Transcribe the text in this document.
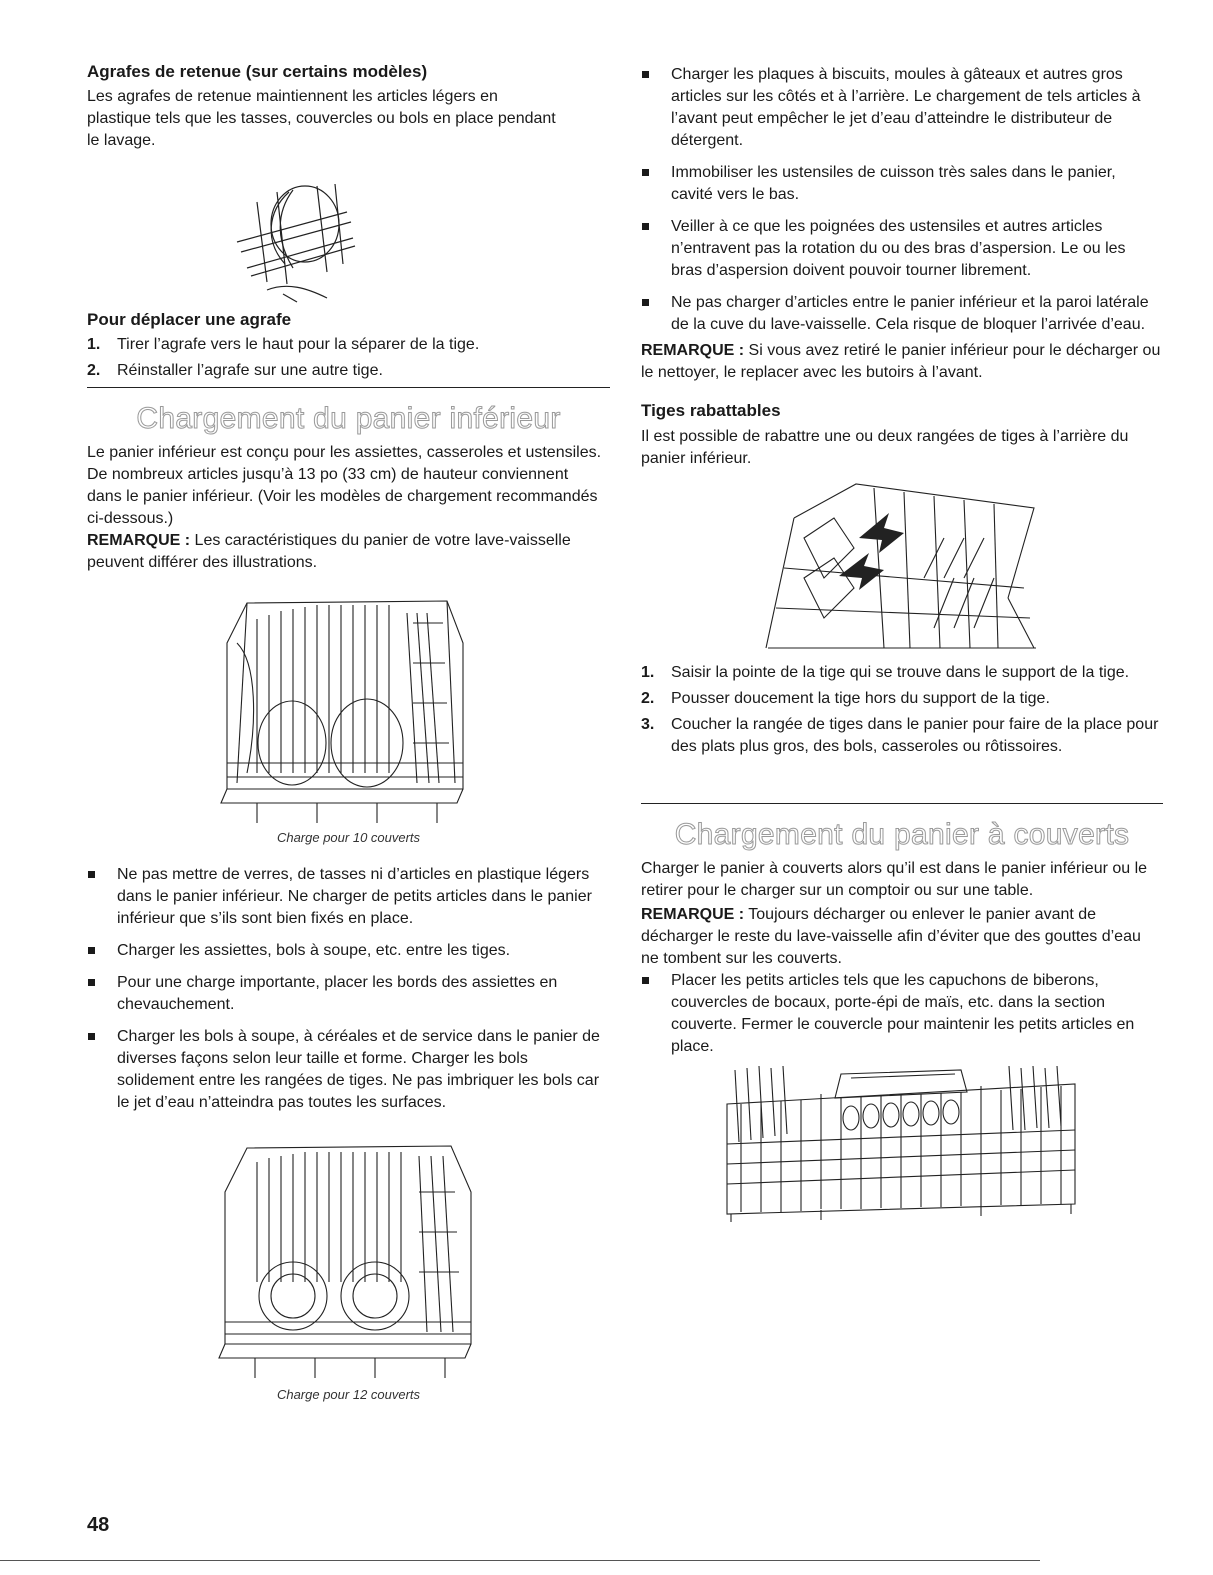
Agrafes de retenue (sur certains modèles)

Les agrafes de retenue maintiennent les articles légers en plastique tels que les tasses, couvercles ou bols en place pendant le lavage.

Pour déplacer une agrafe
1. Tirer l’agrafe vers le haut pour la séparer de la tige.
2. Réinstaller l’agrafe sur une autre tige.
Chargement du panier inférieur

Le panier inférieur est conçu pour les assiettes, casseroles et ustensiles. De nombreux articles jusqu’à 13 po (33 cm) de hauteur conviennent dans le panier inférieur. (Voir les modèles de chargement recommandés ci-dessous.)

REMARQUE : Les caractéristiques du panier de votre lave-vaisselle peuvent différer des illustrations.

Charge pour 10 couverts
Ne pas mettre de verres, de tasses ni d’articles en plastique légers dans le panier inférieur. Ne charger de petits articles dans le panier inférieur que s’ils sont bien fixés en place.
Charger les assiettes, bols à soupe, etc. entre les tiges.
Pour une charge importante, placer les bords des assiettes en chevauchement.
Charger les bols à soupe, à céréales et de service dans le panier de diverses façons selon leur taille et forme. Charger les bols solidement entre les rangées de tiges. Ne pas imbriquer les bols car le jet d’eau n’atteindra pas toutes les surfaces.
Charge pour 12 couverts
Charger les plaques à biscuits, moules à gâteaux et autres gros articles sur les côtés et à l’arrière. Le chargement de tels articles à l’avant peut empêcher le jet d’eau d’atteindre le distributeur de détergent.
Immobiliser les ustensiles de cuisson très sales dans le panier, cavité vers le bas.
Veiller à ce que les poignées des ustensiles et autres articles n’entravent pas la rotation du ou des bras d’aspersion. Le ou les bras d’aspersion doivent pouvoir tourner librement.
Ne pas charger d’articles entre le panier inférieur et la paroi latérale de la cuve du lave-vaisselle. Cela risque de bloquer l’arrivée d’eau.

REMARQUE : Si vous avez retiré le panier inférieur pour le décharger ou le nettoyer, le replacer avec les butoirs à l’avant.

Tiges rabattables

Il est possible de rabattre une ou deux rangées de tiges à l’arrière du panier inférieur.

1. Saisir la pointe de la tige qui se trouve dans le support de la tige.
2. Pousser doucement la tige hors du support de la tige.
3. Coucher la rangée de tiges dans le panier pour faire de la place pour des plats plus gros, des bols, casseroles ou rôtissoires.
Chargement du panier à couverts

Charger le panier à couverts alors qu’il est dans le panier inférieur ou le retirer pour le charger sur un comptoir ou sur une table.

REMARQUE : Toujours décharger ou enlever le panier avant de décharger le reste du lave-vaisselle afin d’éviter que des gouttes d’eau ne tombent sur les couverts.

Placer les petits articles tels que les capuchons de biberons, couvercles de bocaux, porte-épi de maïs, etc. dans la section couverte. Fermer le couvercle pour maintenir les petits articles en place.
48
